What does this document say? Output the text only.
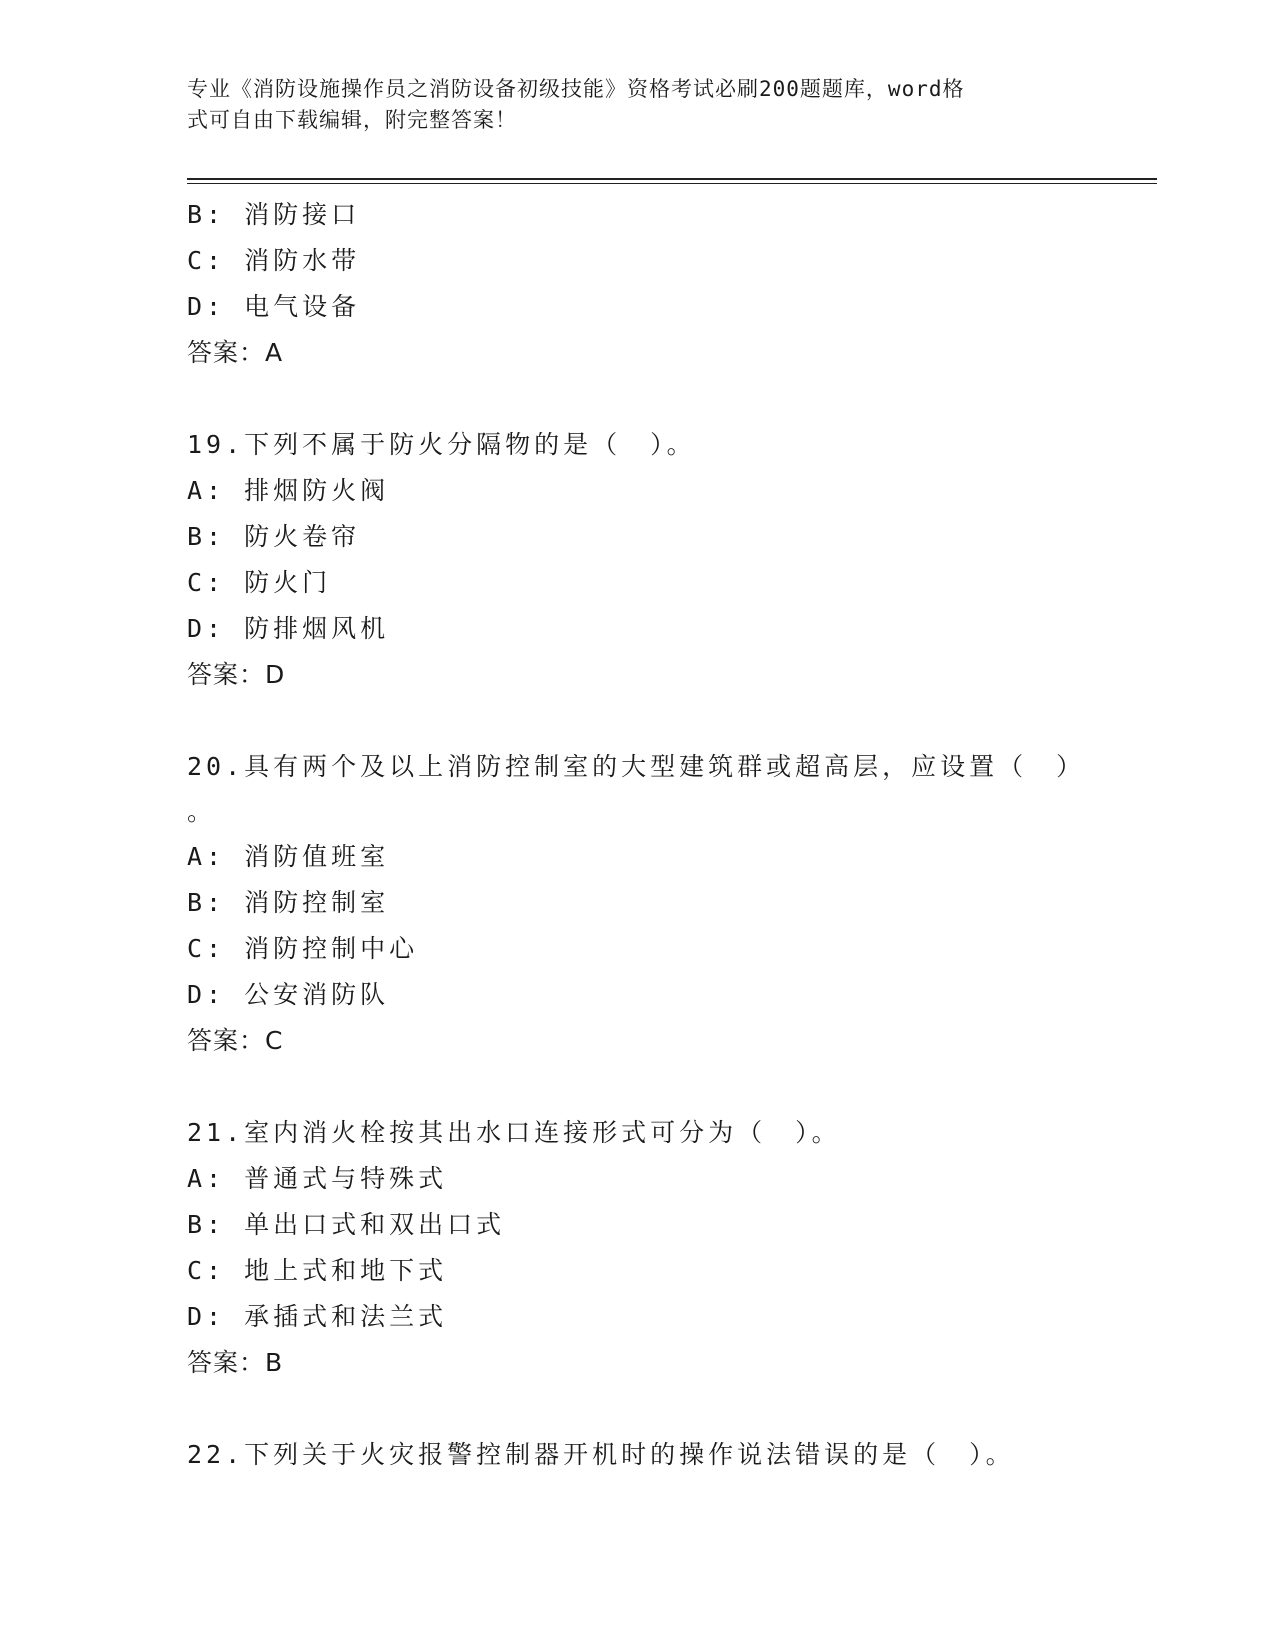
专业《消防设施操作员之消防设备初级技能》资格考试必刷200题题库，word格
式可自由下载编辑，附完整答案！
B: 消防接口
C: 消防水带
D: 电气设备
答案：A
19.下列不属于防火分隔物的是（　）。
A: 排烟防火阀
B: 防火卷帘
C: 防火门
D: 防排烟风机
答案：D
20.具有两个及以上消防控制室的大型建筑群或超高层，应设置（　）
。
A: 消防值班室
B: 消防控制室
C: 消防控制中心
D: 公安消防队
答案：C
21.室内消火栓按其出水口连接形式可分为（　）。
A: 普通式与特殊式
B: 单出口式和双出口式
C: 地上式和地下式
D: 承插式和法兰式
答案：B
22.下列关于火灾报警控制器开机时的操作说法错误的是（　）。
